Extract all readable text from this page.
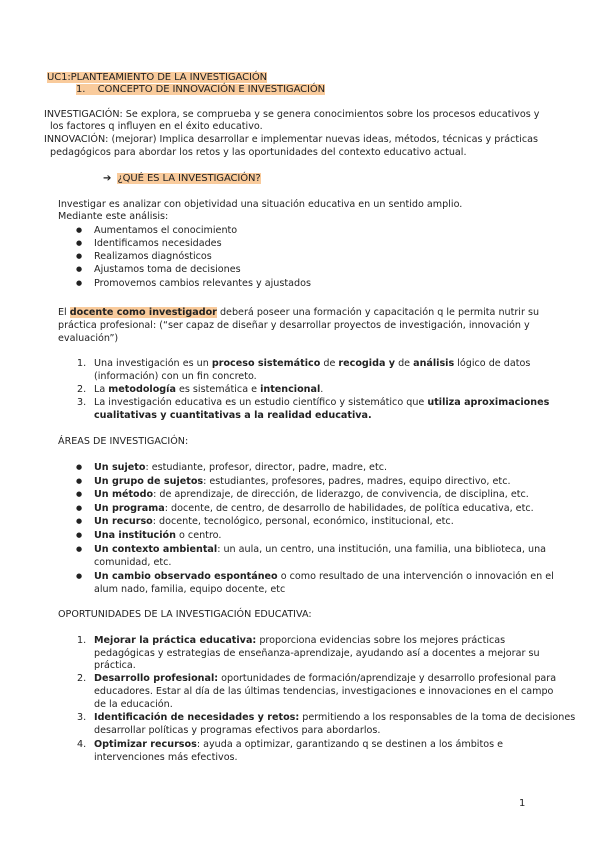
UC1:PLANTEAMIENTO DE LA INVESTIGACIÓN
1. CONCEPTO DE INNOVACIÓN E INVESTIGACIÓN
INVESTIGACIÓN: Se explora, se comprueba y se genera conocimientos sobre los procesos educativos y
los factores q influyen en el éxito educativo.
INNOVACIÓN: (mejorar) Implica desarrollar e implementar nuevas ideas, métodos, técnicas y prácticas
pedagógicos para abordar los retos y las oportunidades del contexto educativo actual.
➔ ¿QUÉ ES LA INVESTIGACIÓN?
Investigar es analizar con objetividad una situación educativa en un sentido amplio.
Mediante este análisis:
● Aumentamos el conocimiento
● Identificamos necesidades
● Realizamos diagnósticos
● Ajustamos toma de decisiones
● Promovemos cambios relevantes y ajustados
El docente como investigador deberá poseer una formación y capacitación q le permita nutrir su
práctica profesional: (“ser capaz de diseñar y desarrollar proyectos de investigación, innovación y
evaluación”)
1. Una investigación es un proceso sistemático de recogida y de análisis lógico de datos
(información) con un fin concreto.
2. La metodología es sistemática e intencional.
3. La investigación educativa es un estudio científico y sistemático que utiliza aproximaciones
cualitativas y cuantitativas a la realidad educativa.
ÁREAS DE INVESTIGACIÓN:
● Un sujeto: estudiante, profesor, director, padre, madre, etc.
● Un grupo de sujetos: estudiantes, profesores, padres, madres, equipo directivo, etc.
● Un método: de aprendizaje, de dirección, de liderazgo, de convivencia, de disciplina, etc.
● Un programa: docente, de centro, de desarrollo de habilidades, de política educativa, etc.
● Un recurso: docente, tecnológico, personal, económico, institucional, etc.
● Una institución o centro.
● Un contexto ambiental: un aula, un centro, una institución, una familia, una biblioteca, una
comunidad, etc.
● Un cambio observado espontáneo o como resultado de una intervención o innovación en el
alum nado, familia, equipo docente, etc
OPORTUNIDADES DE LA INVESTIGACIÓN EDUCATIVA:
1. Mejorar la práctica educativa: proporciona evidencias sobre los mejores prácticas
pedagógicas y estrategias de enseñanza-aprendizaje, ayudando así a docentes a mejorar su
práctica.
2. Desarrollo profesional: oportunidades de formación/aprendizaje y desarrollo profesional para
educadores. Estar al día de las últimas tendencias, investigaciones e innovaciones en el campo
de la educación.
3. Identificación de necesidades y retos: permitiendo a los responsables de la toma de decisiones
desarrollar políticas y programas efectivos para abordarlos.
4. Optimizar recursos: ayuda a optimizar, garantizando q se destinen a los ámbitos e
intervenciones más efectivos.
1
